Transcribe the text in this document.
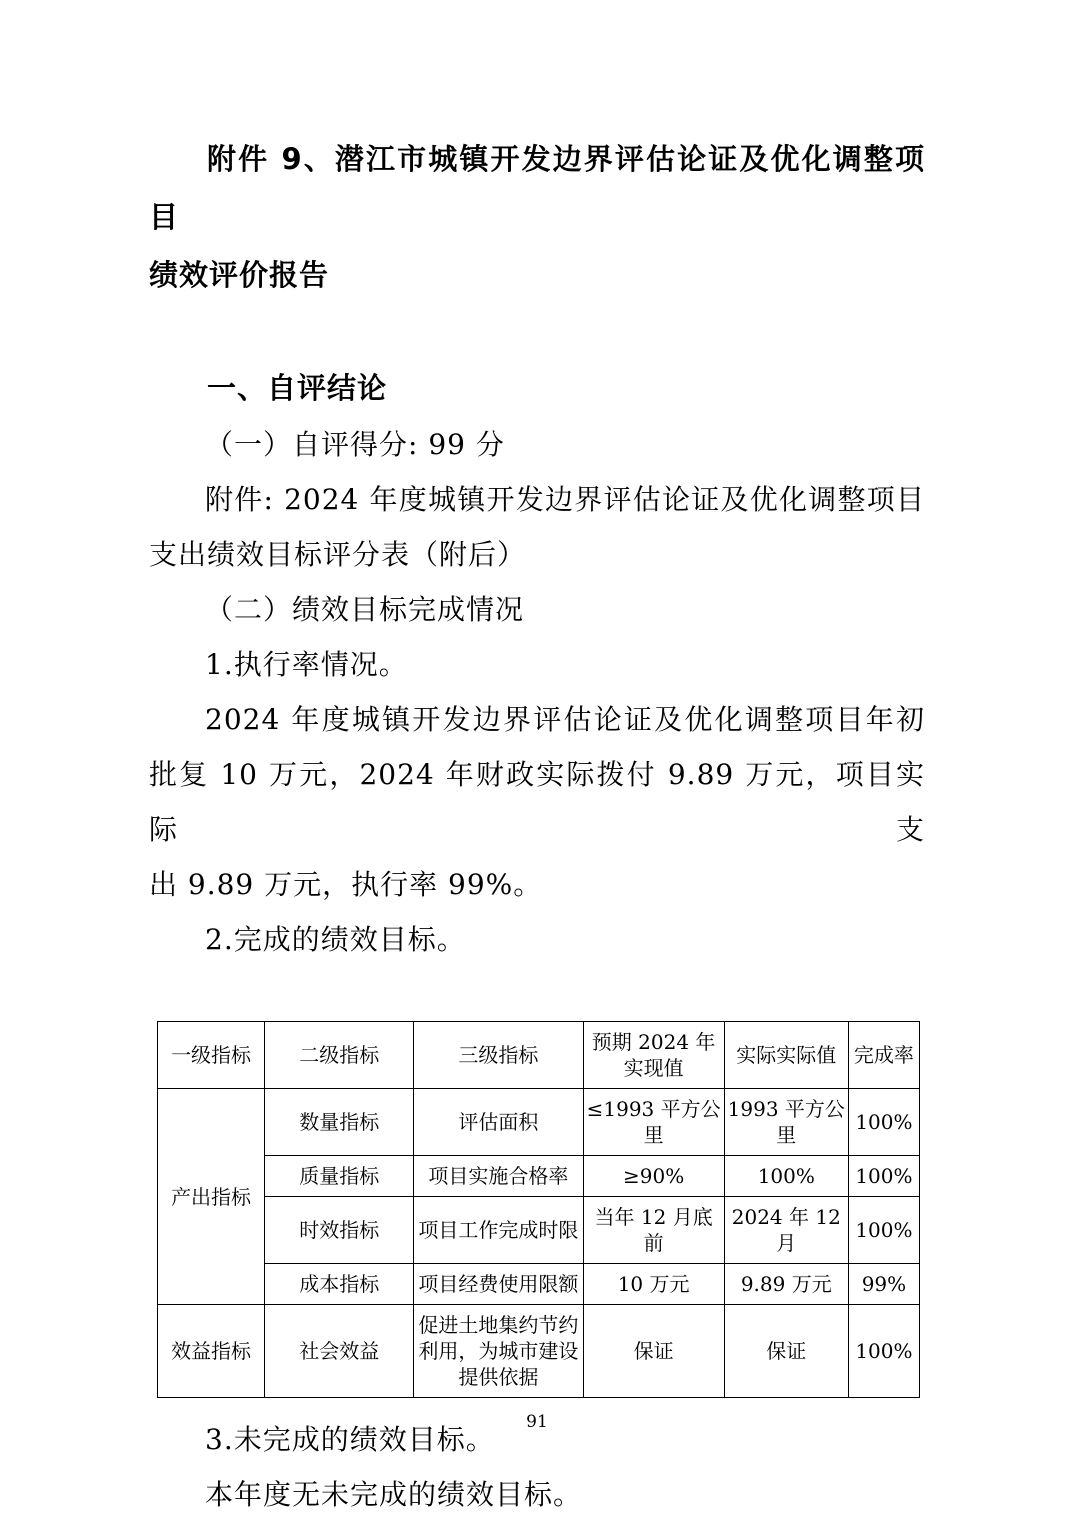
附件 9、潜江市城镇开发边界评估论证及优化调整项目
绩效评价报告
一、自评结论
（一）自评得分: 99 分
附件: 2024 年度城镇开发边界评估论证及优化调整项目
支出绩效目标评分表（附后）
（二）绩效目标完成情况
1.执行率情况。
2024 年度城镇开发边界评估论证及优化调整项目年初
批复 10 万元，2024 年财政实际拨付 9.89 万元，项目实际支
出 9.89 万元，执行率 99%。
2.完成的绩效目标。
一级指标	二级指标	三级指标	预期 2024 年实现值	实际实际值	完成率
产出指标	数量指标	评估面积	≤1993 平方公里	1993 平方公里	100%
	质量指标	项目实施合格率	≥90%	100%	100%
	时效指标	项目工作完成时限	当年 12 月底前	2024 年 12 月	100%
	成本指标	项目经费使用限额	10 万元	9.89 万元	99%
效益指标	社会效益	促进土地集约节约利用，为城市建设提供依据	保证	保证	100%
3.未完成的绩效目标。
本年度无未完成的绩效目标。
91
